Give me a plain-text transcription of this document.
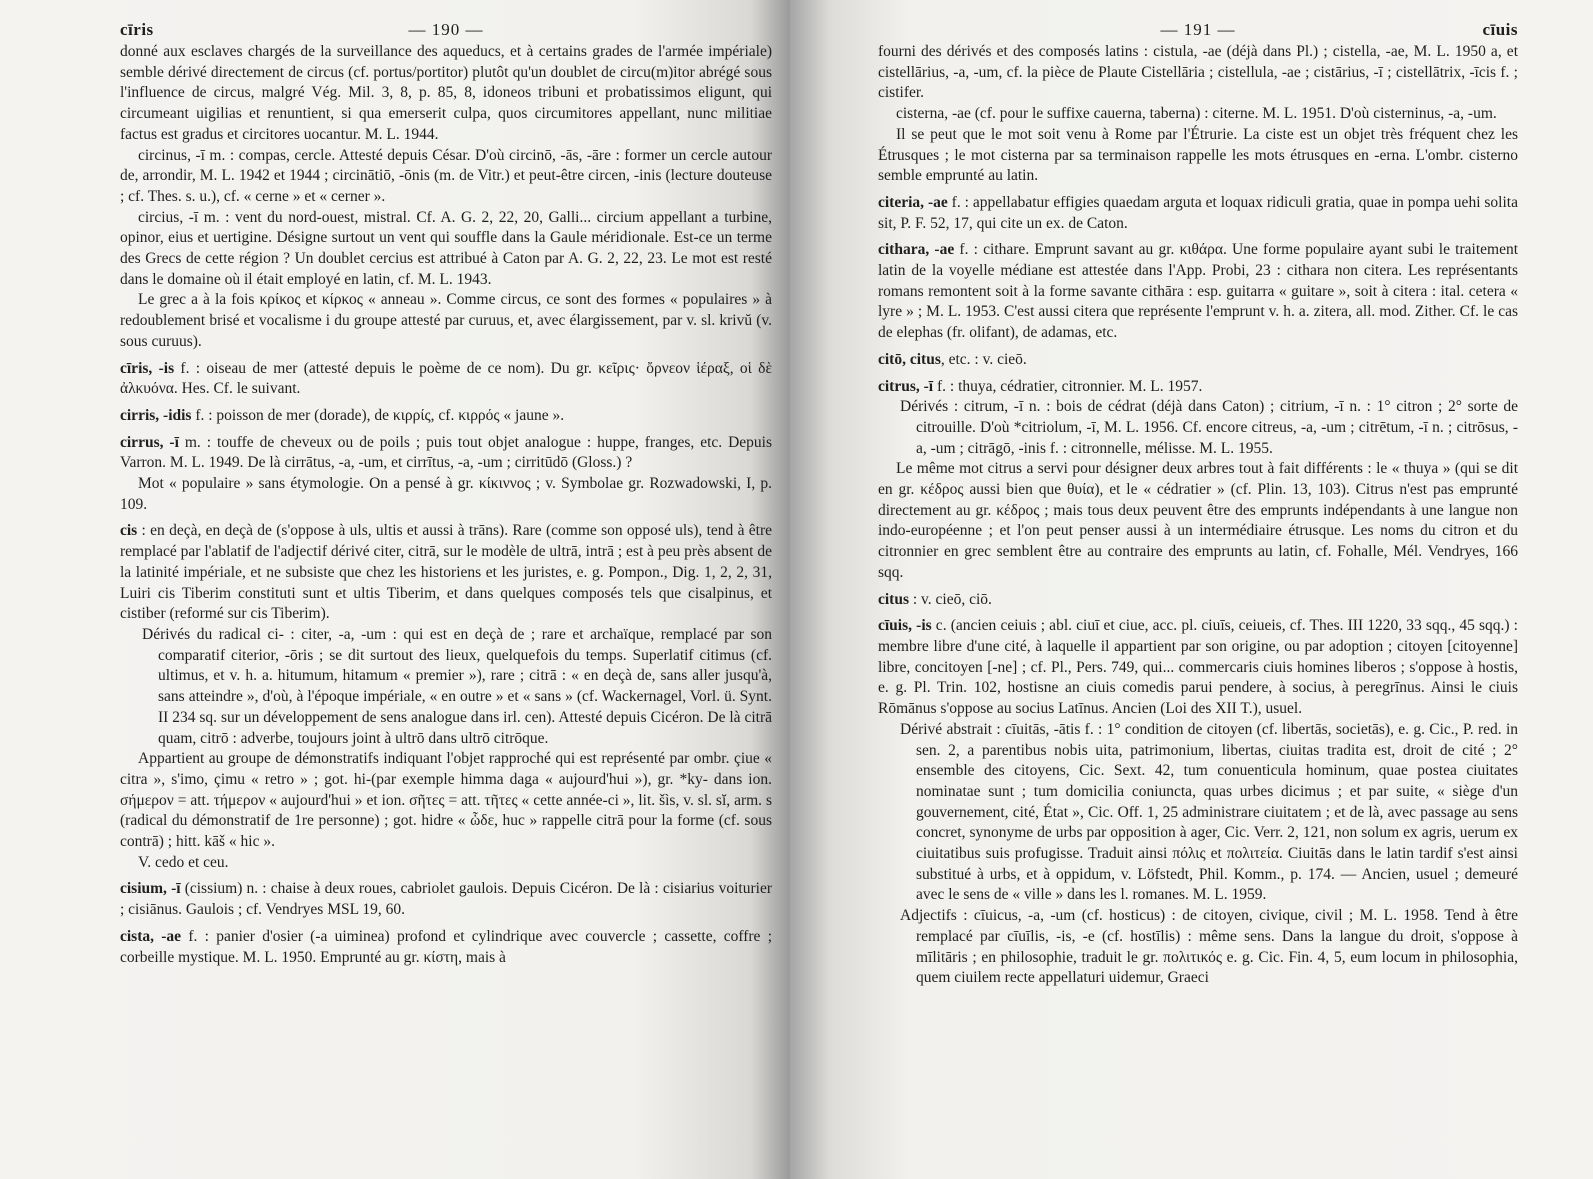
cīris	— 190 —

donné aux esclaves chargés de la surveillance des aqueducs, et à certains grades de l'armée impériale) semble dérivé directement de circus (cf. portus/portitor) plutôt qu'un doublet de circu(m)itor abrégé sous l'influence de circus, malgré Vég. Mil. 3, 8, p. 85, 8, idoneos tribuni et probatissimos eligunt, qui circumeant uigilias et renuntient, si qua emerserit culpa, quos circumitores appellant, nunc militiae factus est gradus et circitores uocantur. M. L. 1944.

circinus, -ī m. : compas, cercle. Attesté depuis César. D'où circinō, -ās, -āre : former un cercle autour de, arrondir, M. L. 1942 et 1944 ; circinātiō, -ōnis (m. de Vitr.) et peut-être circen, -inis (lecture douteuse ; cf. Thes. s. u.), cf. « cerne » et « cerner ».

circius, -ī m. : vent du nord-ouest, mistral. Cf. A. G. 2, 22, 20, Galli... circium appellant a turbine, opinor, eius et uertigine. Désigne surtout un vent qui souffle dans la Gaule méridionale. Est-ce un terme des Grecs de cette région ? Un doublet cercius est attribué à Caton par A. G. 2, 22, 23. Le mot est resté dans le domaine où il était employé en latin, cf. M. L. 1943.

Le grec a à la fois κρίκος et κίρκος « anneau ». Comme circus, ce sont des formes « populaires » à redoublement brisé et vocalisme i du groupe attesté par curuus, et, avec élargissement, par v. sl. krivŭ (v. sous curuus).

cīris, -is f. : oiseau de mer (attesté depuis le poème de ce nom). Du gr. κεῖρις· ὄρνεον ἱέραξ, οἱ δὲ ἀλκυόνα. Hes. Cf. le suivant.

cirris, -idis f. : poisson de mer (dorade), de κιρρίς, cf. κιρρός « jaune ».

cirrus, -ī m. : touffe de cheveux ou de poils ; puis tout objet analogue : huppe, franges, etc. Depuis Varron. M. L. 1949. De là cirrātus, -a, -um, et cirrītus, -a, -um ; cirritūdō (Gloss.) ?

Mot « populaire » sans étymologie. On a pensé à gr. κίκιννος ; v. Symbolae gr. Rozwadowski, I, p. 109.

cis : en deçà, en deçà de (s'oppose à uls, ultis et aussi à trāns). Rare (comme son opposé uls), tend à être remplacé par l'ablatif de l'adjectif dérivé citer, citrā, sur le modèle de ultrā, intrā ; est à peu près absent de la latinité impériale, et ne subsiste que chez les historiens et les juristes, e. g. Pompon., Dig. 1, 2, 2, 31, Luiri cis Tiberim constituti sunt et ultis Tiberim, et dans quelques composés tels que cisalpinus, et cistiber (reformé sur cis Tiberim).

Dérivés du radical ci- : citer, -a, -um : qui est en deçà de ; rare et archaïque, remplacé par son comparatif citerior, -ōris ; se dit surtout des lieux, quelquefois du temps. Superlatif citimus (cf. ultimus, et v. h. a. hitumum, hitamum « premier »), rare ; citrā : « en deçà de, sans aller jusqu'à, sans atteindre », d'où, à l'époque impériale, « en outre » et « sans » (cf. Wackernagel, Vorl. ü. Synt. II 234 sq. sur un développement de sens analogue dans irl. cen). Attesté depuis Cicéron. De là citrā quam, citrō : adverbe, toujours joint à ultrō dans ultrō citrōque.

Appartient au groupe de démonstratifs indiquant l'objet rapproché qui est représenté par ombr. çiue « citra », s'imo, çimu « retro » ; got. hi-(par exemple himma daga « aujourd'hui »), gr. *ky- dans ion. σήμερον = att. τήμερον « aujourd'hui » et ion. σῆτες = att. τῆτες « cette année-ci », lit. šìs, v. sl. sĭ, arm. s (radical du démonstratif de 1re personne) ; got. hidre « ὧδε, huc » rappelle citrā pour la forme (cf. sous contrā) ; hitt. kāš « hic ».

V. cedo et ceu.

cisium, -ī (cissium) n. : chaise à deux roues, cabriolet gaulois. Depuis Cicéron. De là : cisiarius voiturier ; cisiānus. Gaulois ; cf. Vendryes MSL 19, 60.

cista, -ae f. : panier d'osier (-a uiminea) profond et cylindrique avec couvercle ; cassette, coffre ; corbeille mystique. M. L. 1950. Emprunté au gr. κίστη, mais à

— 191 —	cīuis

fourni des dérivés et des composés latins : cistula, -ae (déjà dans Pl.) ; cistella, -ae, M. L. 1950 a, et cistellārius, -a, -um, cf. la pièce de Plaute Cistellāria ; cistellula, -ae ; cistārius, -ī ; cistellātrix, -īcis f. ; cistifer.

cisterna, -ae (cf. pour le suffixe cauerna, taberna) : citerne. M. L. 1951. D'où cisterninus, -a, -um.

Il se peut que le mot soit venu à Rome par l'Étrurie. La ciste est un objet très fréquent chez les Étrusques ; le mot cisterna par sa terminaison rappelle les mots étrusques en -erna. L'ombr. cisterno semble emprunté au latin.

citeria, -ae f. : appellabatur effigies quaedam arguta et loquax ridiculi gratia, quae in pompa uehi solita sit, P. F. 52, 17, qui cite un ex. de Caton.

cithara, -ae f. : cithare. Emprunt savant au gr. κιθάρα. Une forme populaire ayant subi le traitement latin de la voyelle médiane est attestée dans l'App. Probi, 23 : cithara non citera. Les représentants romans remontent soit à la forme savante cithāra : esp. guitarra « guitare », soit à citera : ital. cetera « lyre » ; M. L. 1953. C'est aussi citera que représente l'emprunt v. h. a. zitera, all. mod. Zither. Cf. le cas de elephas (fr. olifant), de adamas, etc.

citō, citus, etc. : v. cieō.

citrus, -ī f. : thuya, cédratier, citronnier. M. L. 1957.

Dérivés : citrum, -ī n. : bois de cédrat (déjà dans Caton) ; citrium, -ī n. : 1° citron ; 2° sorte de citrouille. D'où *citriolum, -ī, M. L. 1956. Cf. encore citreus, -a, -um ; citrētum, -ī n. ; citrōsus, -a, -um ; citrāgō, -inis f. : citronnelle, mélisse. M. L. 1955.

Le même mot citrus a servi pour désigner deux arbres tout à fait différents : le « thuya » (qui se dit en gr. κέδρος aussi bien que θυία), et le « cédratier » (cf. Plin. 13, 103). Citrus n'est pas emprunté directement au gr. κέδρος ; mais tous deux peuvent être des emprunts indépendants à une langue non indo-européenne ; et l'on peut penser aussi à un intermédiaire étrusque. Les noms du citron et du citronnier en grec semblent être au contraire des emprunts au latin, cf. Fohalle, Mél. Vendryes, 166 sqq.

citus : v. cieō, ciō.

cīuis, -is c. (ancien ceiuis ; abl. ciuī et ciue, acc. pl. ciuīs, ceiueis, cf. Thes. III 1220, 33 sqq., 45 sqq.) : membre libre d'une cité, à laquelle il appartient par son origine, ou par adoption ; citoyen [citoyenne] libre, concitoyen [-ne] ; cf. Pl., Pers. 749, qui... commercaris ciuis homines liberos ; s'oppose à hostis, e. g. Pl. Trin. 102, hostisne an ciuis comedis parui pendere, à socius, à peregrīnus. Ainsi le ciuis Rōmānus s'oppose au socius Latīnus. Ancien (Loi des XII T.), usuel.

Dérivé abstrait : cīuitās, -ātis f. : 1° condition de citoyen (cf. libertās, societās), e. g. Cic., P. red. in sen. 2, a parentibus nobis uita, patrimonium, libertas, ciuitas tradita est, droit de cité ; 2° ensemble des citoyens, Cic. Sext. 42, tum conuenticula hominum, quae postea ciuitates nominatae sunt ; tum domicilia coniuncta, quas urbes dicimus ; et par suite, « siège d'un gouvernement, cité, État », Cic. Off. 1, 25 administrare ciuitatem ; et de là, avec passage au sens concret, synonyme de urbs par opposition à ager, Cic. Verr. 2, 121, non solum ex agris, uerum ex ciuitatibus suis profugisse. Traduit ainsi πόλις et πολιτεία. Ciuitās dans le latin tardif s'est ainsi substitué à urbs, et à oppidum, v. Löfstedt, Phil. Komm., p. 174. — Ancien, usuel ; demeuré avec le sens de « ville » dans les l. romanes. M. L. 1959.

Adjectifs : cīuicus, -a, -um (cf. hosticus) : de citoyen, civique, civil ; M. L. 1958. Tend à être remplacé par cīuīlis, -is, -e (cf. hostīlis) : même sens. Dans la langue du droit, s'oppose à mīlitāris ; en philosophie, traduit le gr. πολιτικός e. g. Cic. Fin. 4, 5, eum locum in philosophia, quem ciuilem recte appellaturi uidemur, Graeci
